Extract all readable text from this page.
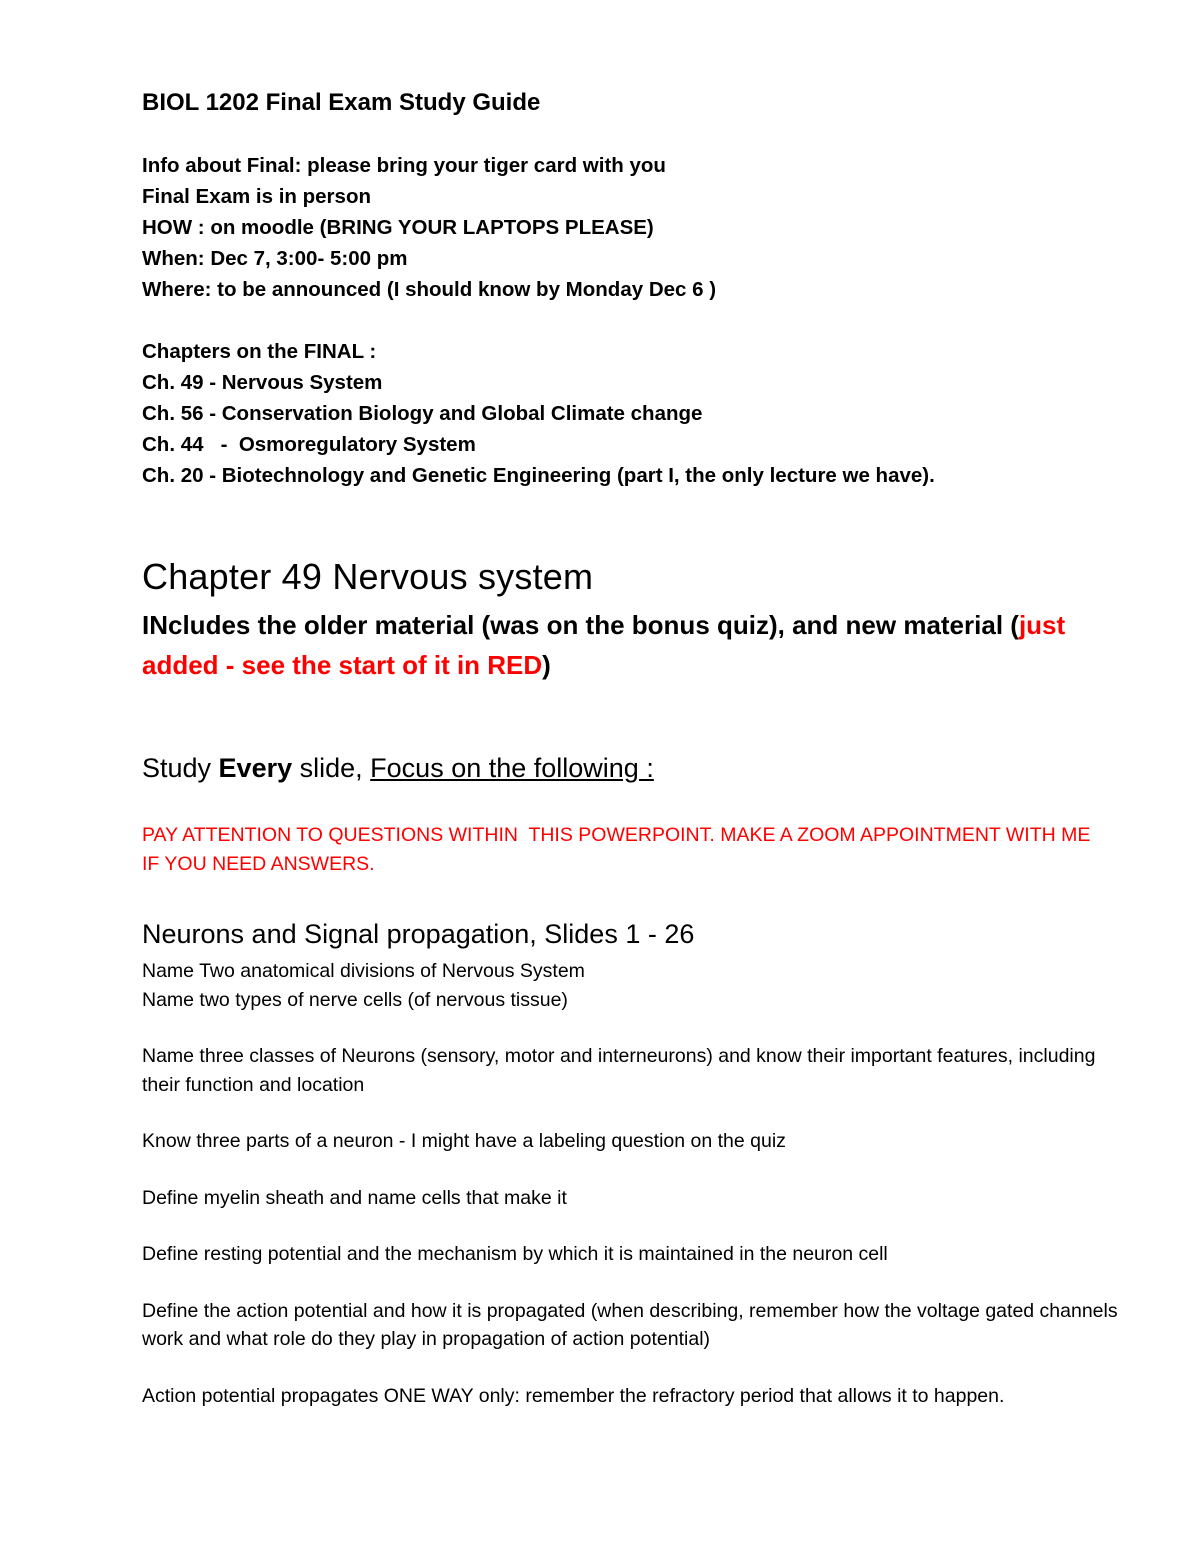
BIOL 1202 Final Exam Study Guide
Info about Final: please bring your tiger card with you
Final Exam is in person
HOW : on moodle (BRING YOUR LAPTOPS PLEASE)
When: Dec 7, 3:00- 5:00 pm
Where: to be announced (I should know by Monday Dec 6 )
Chapters on the FINAL :
Ch. 49 - Nervous System
Ch. 56 - Conservation Biology and Global Climate change
Ch. 44   -  Osmoregulatory System
Ch. 20 - Biotechnology and Genetic Engineering (part I, the only lecture we have).
Chapter 49 Nervous system
INcludes the older material (was on the bonus quiz), and new material (just added - see the start of it in RED)
Study Every slide, Focus on the following :
PAY ATTENTION TO QUESTIONS WITHIN  THIS POWERPOINT. MAKE A ZOOM APPOINTMENT WITH ME IF YOU NEED ANSWERS.
Neurons and Signal propagation, Slides 1 - 26
Name Two anatomical divisions of Nervous System
Name two types of nerve cells (of nervous tissue)
Name three classes of Neurons (sensory, motor and interneurons) and know their important features, including their function and location
Know three parts of a neuron - I might have a labeling question on the quiz
Define myelin sheath and name cells that make it
Define resting potential and the mechanism by which it is maintained in the neuron cell
Define the action potential and how it is propagated (when describing, remember how the voltage gated channels work and what role do they play in propagation of action potential)
Action potential propagates ONE WAY only: remember the refractory period that allows it to happen.
